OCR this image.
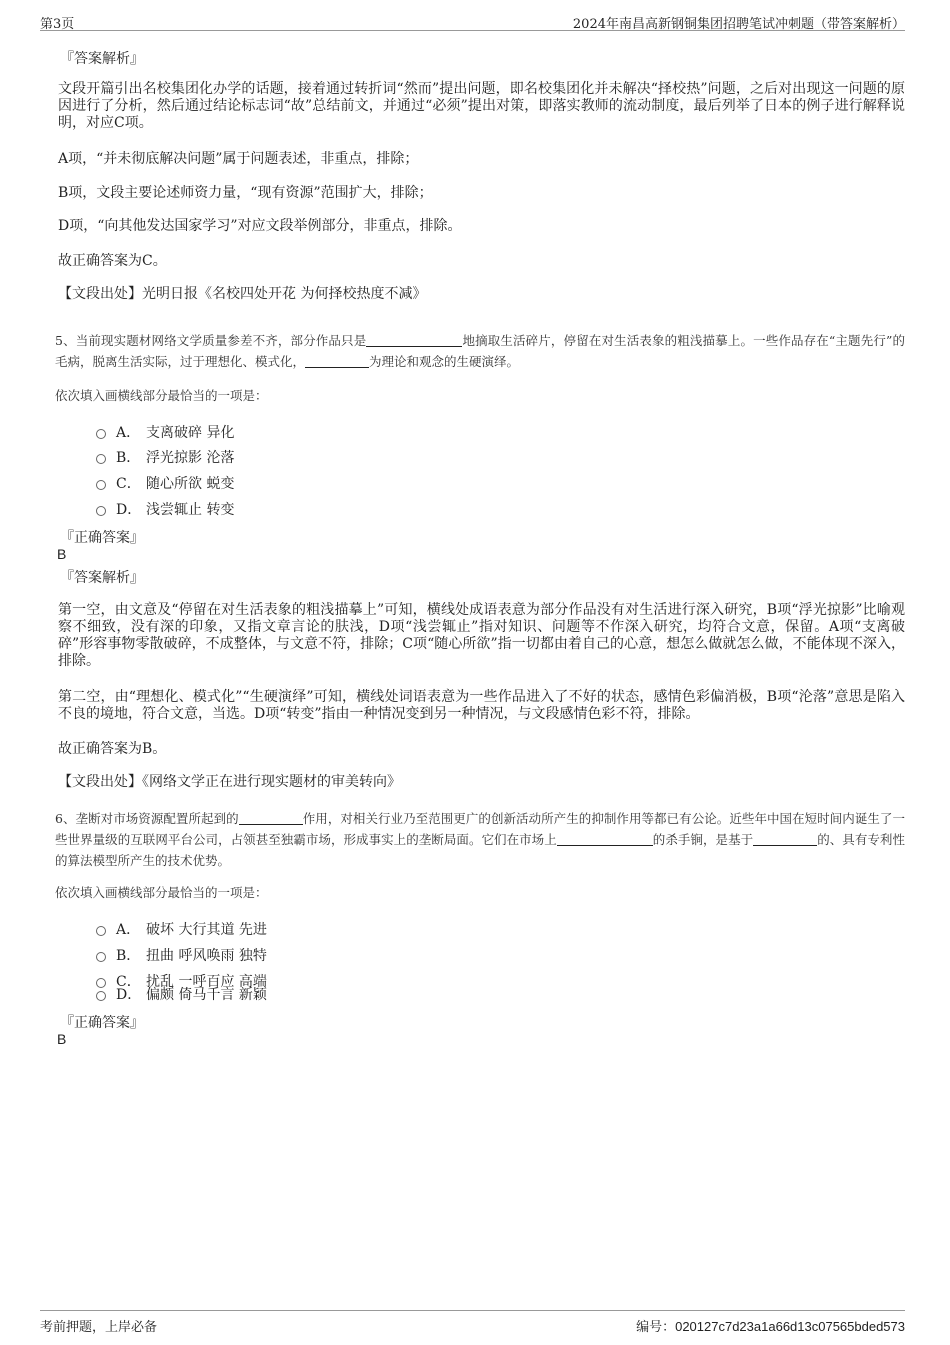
第3页	2024年南昌高新钢铜集团招聘笔试冲刺题（带答案解析）
『答案解析』

文段开篇引出名校集团化办学的话题，接着通过转折词“然而”提出问题，即名校集团化并未解决“择校热”问题，之后对出现这一问题的原因进行了分析，然后通过结论标志词“故”总结前文，并通过“必须”提出对策，即落实教师的流动制度，最后列举了日本的例子进行解释说明，对应C项。

A项，“并未彻底解决问题”属于问题表述，非重点，排除；

B项，文段主要论述师资力量，“现有资源”范围扩大，排除；

D项，“向其他发达国家学习”对应文段举例部分，非重点，排除。

故正确答案为C。

【文段出处】光明日报《名校四处开花 为何择校热度不减》

5、当前现实题材网络文学质量参差不齐，部分作品只是	地摘取生活碎片，停留在对生活表象的粗浅描摹上。一些作品存在“主题先行”的毛病，脱离生活实际，过于理想化、模式化，	为理论和观念的生硬演绎。

依次填入画横线部分最恰当的一项是：
A． 支离破碎 异化
B． 浮光掠影 沦落
C． 随心所欲 蜕变
D． 浅尝辄止 转变
『正确答案』
B
『答案解析』

第一空，由文意及“停留在对生活表象的粗浅描摹上”可知，横线处成语表意为部分作品没有对生活进行深入研究，B项“浮光掠影”比喻观察不细致，没有深的印象，又指文章言论的肤浅，D项“浅尝辄止”指对知识、问题等不作深入研究，均符合文意，保留。A项“支离破碎”形容事物零散破碎，不成整体，与文意不符，排除；C项“随心所欲”指一切都由着自己的心意，想怎么做就怎么做，不能体现不深入，排除。

第二空，由“理想化、模式化”“生硬演绎”可知，横线处词语表意为一些作品进入了不好的状态，感情色彩偏消极，B项“沦落”意思是陷入不良的境地，符合文意，当选。D项“转变”指由一种情况变到另一种情况，与文段感情色彩不符，排除。

故正确答案为B。

【文段出处】《网络文学正在进行现实题材的审美转向》

6、垄断对市场资源配置所起到的	作用，对相关行业乃至范围更广的创新活动所产生的抑制作用等都已有公论。近些年中国在短时间内诞生了一些世界量级的互联网平台公司，占领甚至独霸市场，形成事实上的垄断局面。它们在市场上	的杀手锏，是基于	的、具有专利性的算法模型所产生的技术优势。

依次填入画横线部分最恰当的一项是：
A． 破坏 大行其道 先进
B． 扭曲 呼风唤雨 独特
C． 扰乱 一呼百应 高端
D． 偏颇 倚马千言 新颖
『正确答案』
B
考前押题，上岸必备	编号：020127c7d23a1a66d13c07565bded573
